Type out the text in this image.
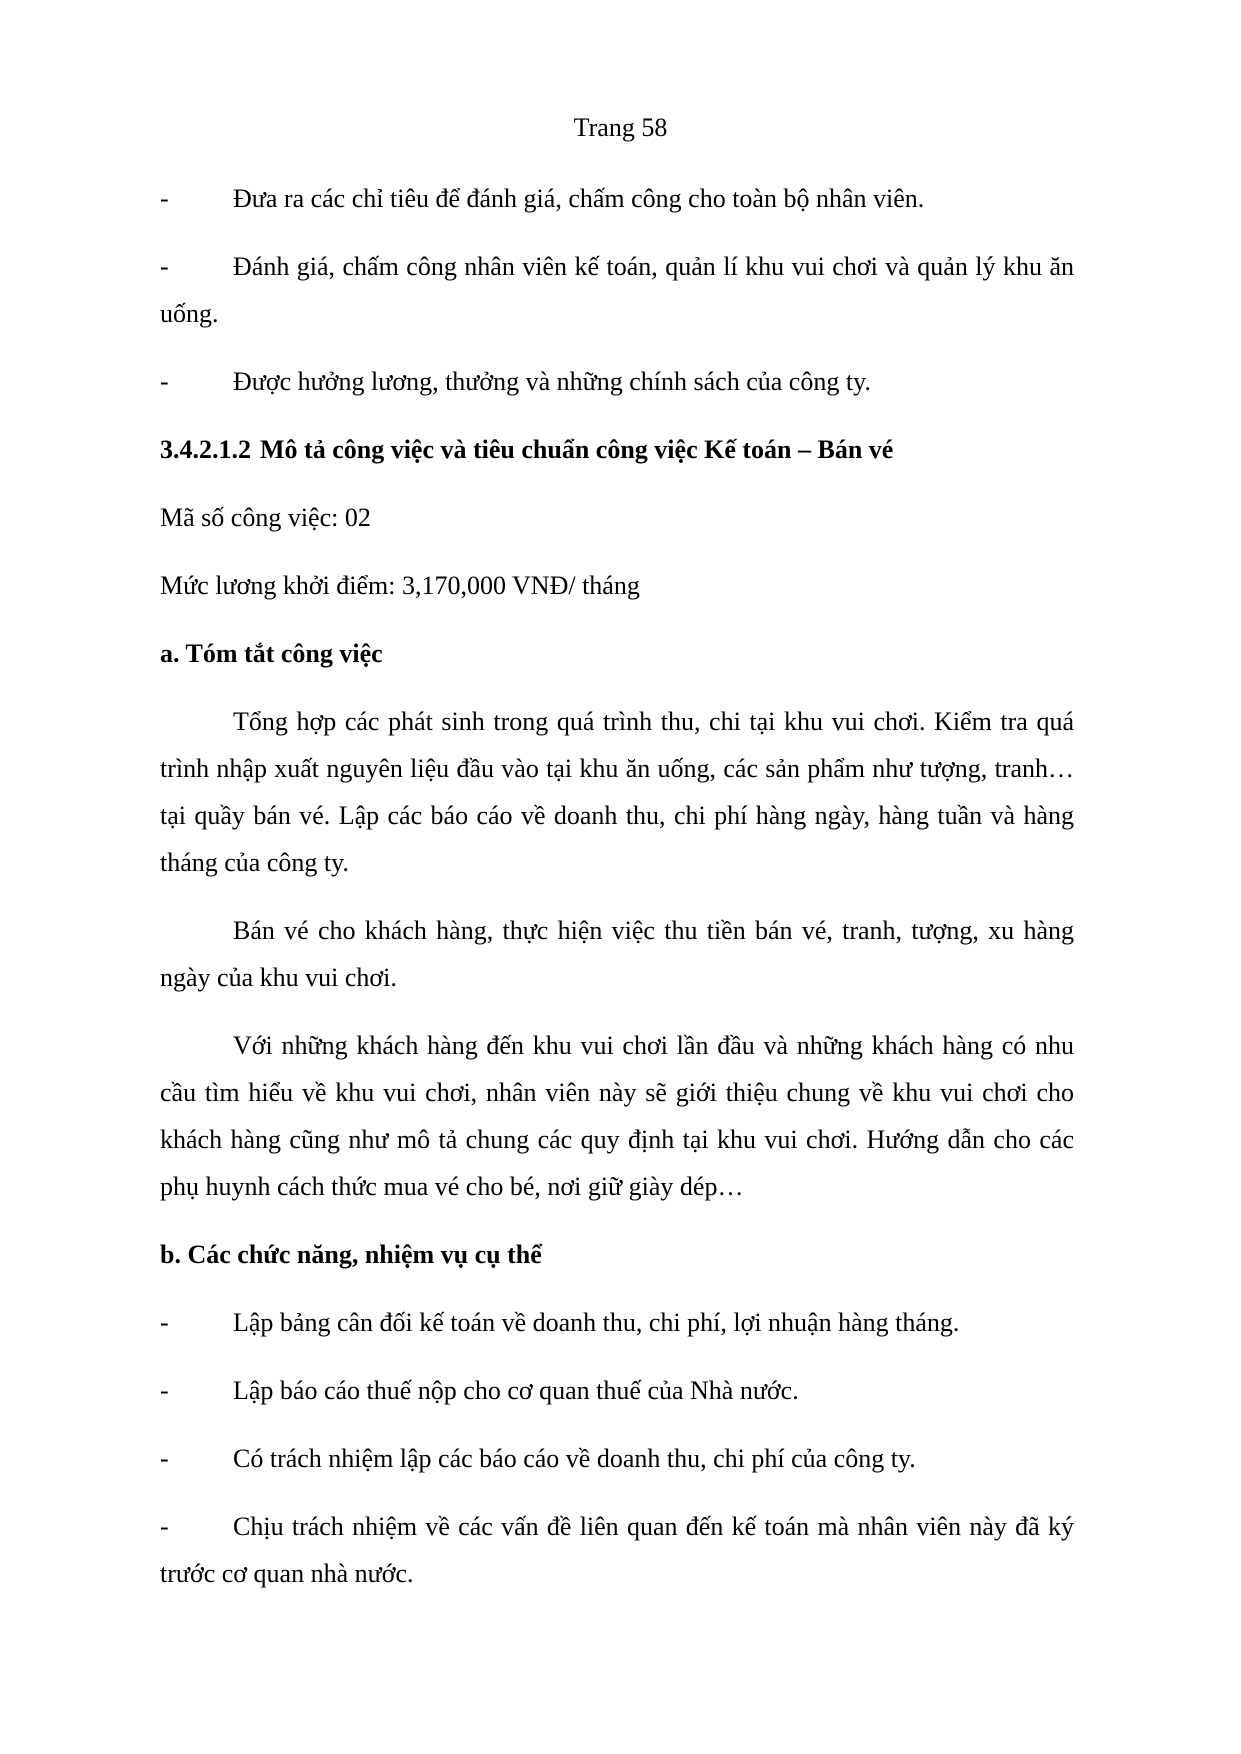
Trang 58

- Đưa ra các chỉ tiêu để đánh giá, chấm công cho toàn bộ nhân viên.

- Đánh giá, chấm công nhân viên kế toán, quản lí khu vui chơi và quản lý khu ăn uống.

- Được hưởng lương, thưởng và những chính sách của công ty.

3.4.2.1.2 Mô tả công việc và tiêu chuẩn công việc Kế toán – Bán vé

Mã số công việc: 02

Mức lương khởi điểm: 3,170,000 VNĐ/ tháng

a. Tóm tắt công việc

Tổng hợp các phát sinh trong quá trình thu, chi tại khu vui chơi. Kiểm tra quá trình nhập xuất nguyên liệu đầu vào tại khu ăn uống, các sản phẩm như tượng, tranh… tại quầy bán vé. Lập các báo cáo về doanh thu, chi phí hàng ngày, hàng tuần và hàng tháng của công ty.

Bán vé cho khách hàng, thực hiện việc thu tiền bán vé, tranh, tượng, xu hàng ngày của khu vui chơi.

Với những khách hàng đến khu vui chơi lần đầu và những khách hàng có nhu cầu tìm hiểu về khu vui chơi, nhân viên này sẽ giới thiệu chung về khu vui chơi cho khách hàng cũng như mô tả chung các quy định tại khu vui chơi. Hướng dẫn cho các phụ huynh cách thức mua vé cho bé, nơi giữ giày dép…

b. Các chức năng, nhiệm vụ cụ thể

- Lập bảng cân đối kế toán về doanh thu, chi phí, lợi nhuận hàng tháng.

- Lập báo cáo thuế nộp cho cơ quan thuế của Nhà nước.

- Có trách nhiệm lập các báo cáo về doanh thu, chi phí của công ty.

- Chịu trách nhiệm về các vấn đề liên quan đến kế toán mà nhân viên này đã ký trước cơ quan nhà nước.
